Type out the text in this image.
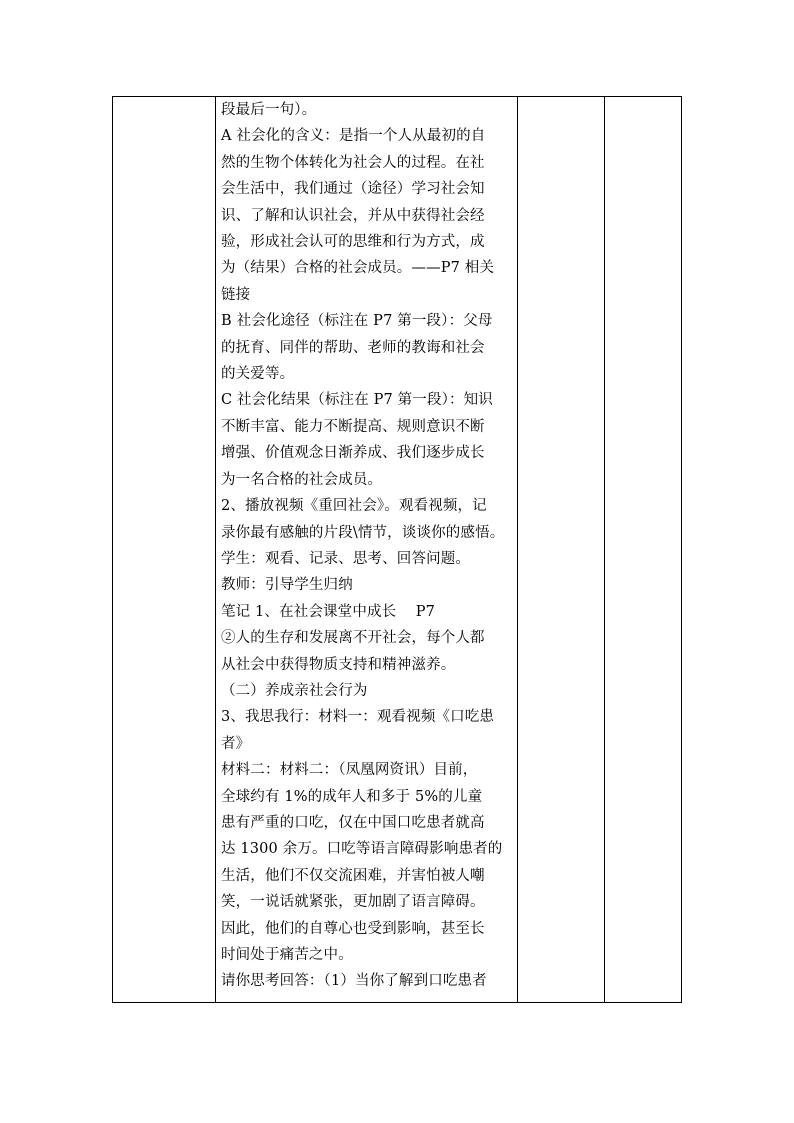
段最后一句）。

A 社会化的含义：是指一个人从最初的自

然的生物个体转化为社会人的过程。在社

会生活中，我们通过（途径）学习社会知

识、了解和认识社会，并从中获得社会经

验，形成社会认可的思维和行为方式，成

为（结果）合格的社会成员。——P7 相关

链接

B 社会化途径（标注在 P7 第一段）：父母

的抚育、同伴的帮助、老师的教诲和社会

的关爱等。

C 社会化结果（标注在 P7 第一段）：知识

不断丰富、能力不断提高、规则意识不断

增强、价值观念日渐养成、我们逐步成长

为一名合格的社会成员。

2、播放视频《重回社会》。观看视频，记

录你最有感触的片段\情节，谈谈你的感悟。

学生：观看、记录、思考、回答问题。

教师：引导学生归纳

笔记 1、在社会课堂中成长　 P7

②人的生存和发展离不开社会，每个人都

从社会中获得物质支持和精神滋养。

（二）养成亲社会行为

3、我思我行：材料一：观看视频《口吃患

者》

材料二：材料二：（凤凰网资讯）目前，

全球约有 1%的成年人和多于 5%的儿童

患有严重的口吃，仅在中国口吃患者就高

达 1300 余万。口吃等语言障碍影响患者的

生活，他们不仅交流困难，并害怕被人嘲

笑，一说话就紧张，更加剧了语言障碍。

因此，他们的自尊心也受到影响，甚至长

时间处于痛苦之中。

请你思考回答：（1）当你了解到口吃患者
